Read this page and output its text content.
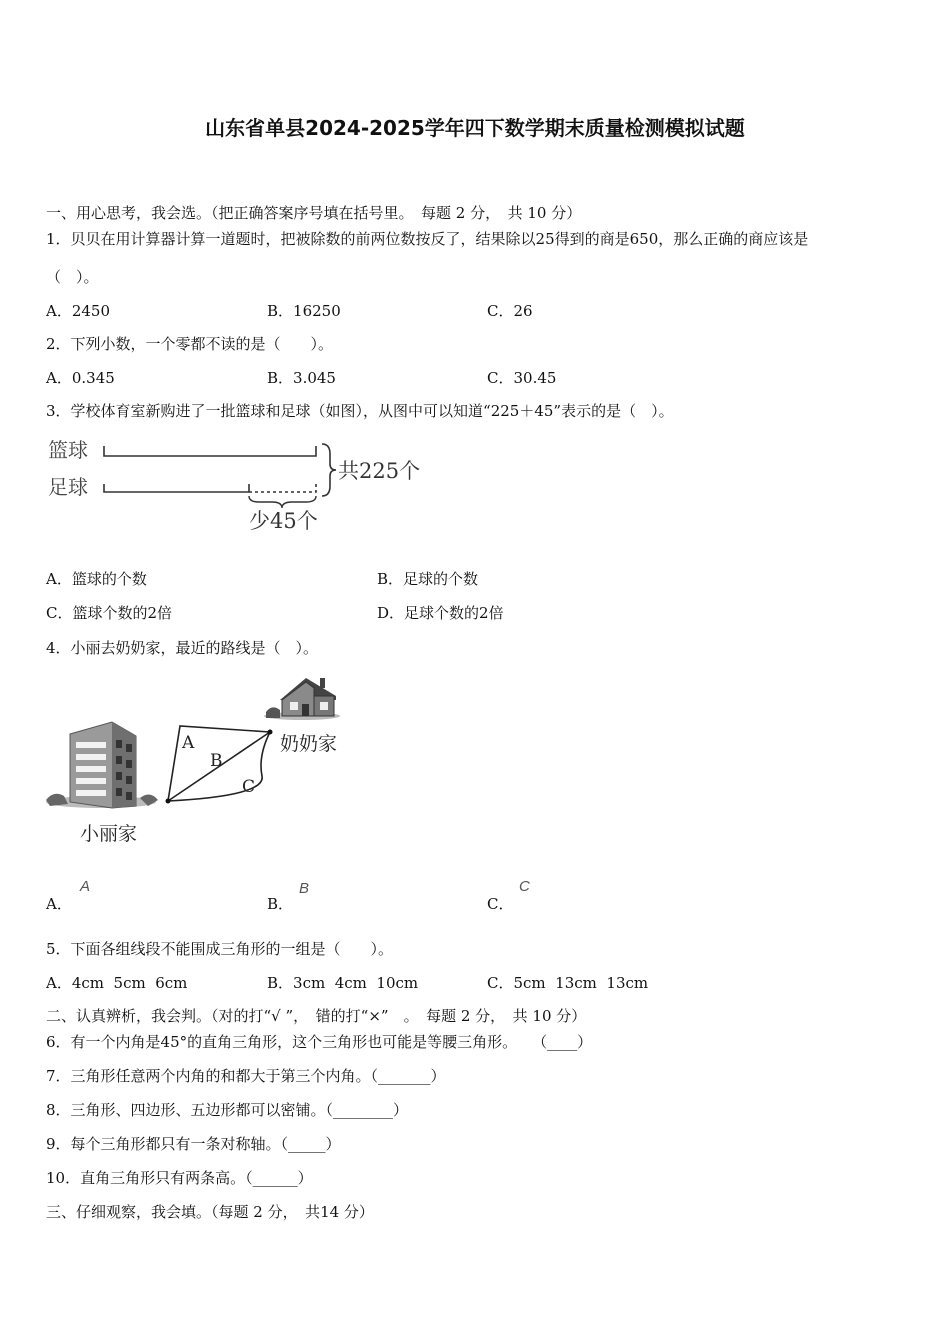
山东省单县2024-2025学年四下数学期末质量检测模拟试题
一、用心思考，我会选。（把正确答案序号填在括号里。　每题 2 分，　共 10 分）
1．贝贝在用计算器计算一道题时，把被除数的前两位数按反了，结果除以25得到的商是650，那么正确的商应该是
（　）。
A．2450	B．16250	C．26
2．下列小数，一个零都不读的是（　　）。
A．0.345	B．3.045	C．30.45
3．学校体育室新购进了一批篮球和足球（如图），从图中可以知道“225＋45”表示的是（　）。
篮球
足球
共225个
少45个
A．篮球的个数	B．足球的个数
C．篮球个数的2倍	D．足球个数的2倍
4．小丽去奶奶家，最近的路线是（　）。
A
B
C
奶奶家
小丽家
A．
A
B．
B
C．
C
5．下面各组线段不能围成三角形的一组是（　　）。
A．4cm  5cm  6cm	B．3cm  4cm  10cm	C．5cm  13cm  13cm
二、认真辨析，我会判。（对的打“√ ”，　错的打“×”　。　每题 2 分，　共 10 分）
6．有一个内角是45°的直角三角形，这个三角形也可能是等腰三角形。　　（____）
7．三角形任意两个内角的和都大于第三个内角。（_______）
8．三角形、四边形、五边形都可以密铺。（________）
9．每个三角形都只有一条对称轴。（_____）
10．直角三角形只有两条高。（______）
三、仔细观察，我会填。（每题 2 分，　共14 分）
